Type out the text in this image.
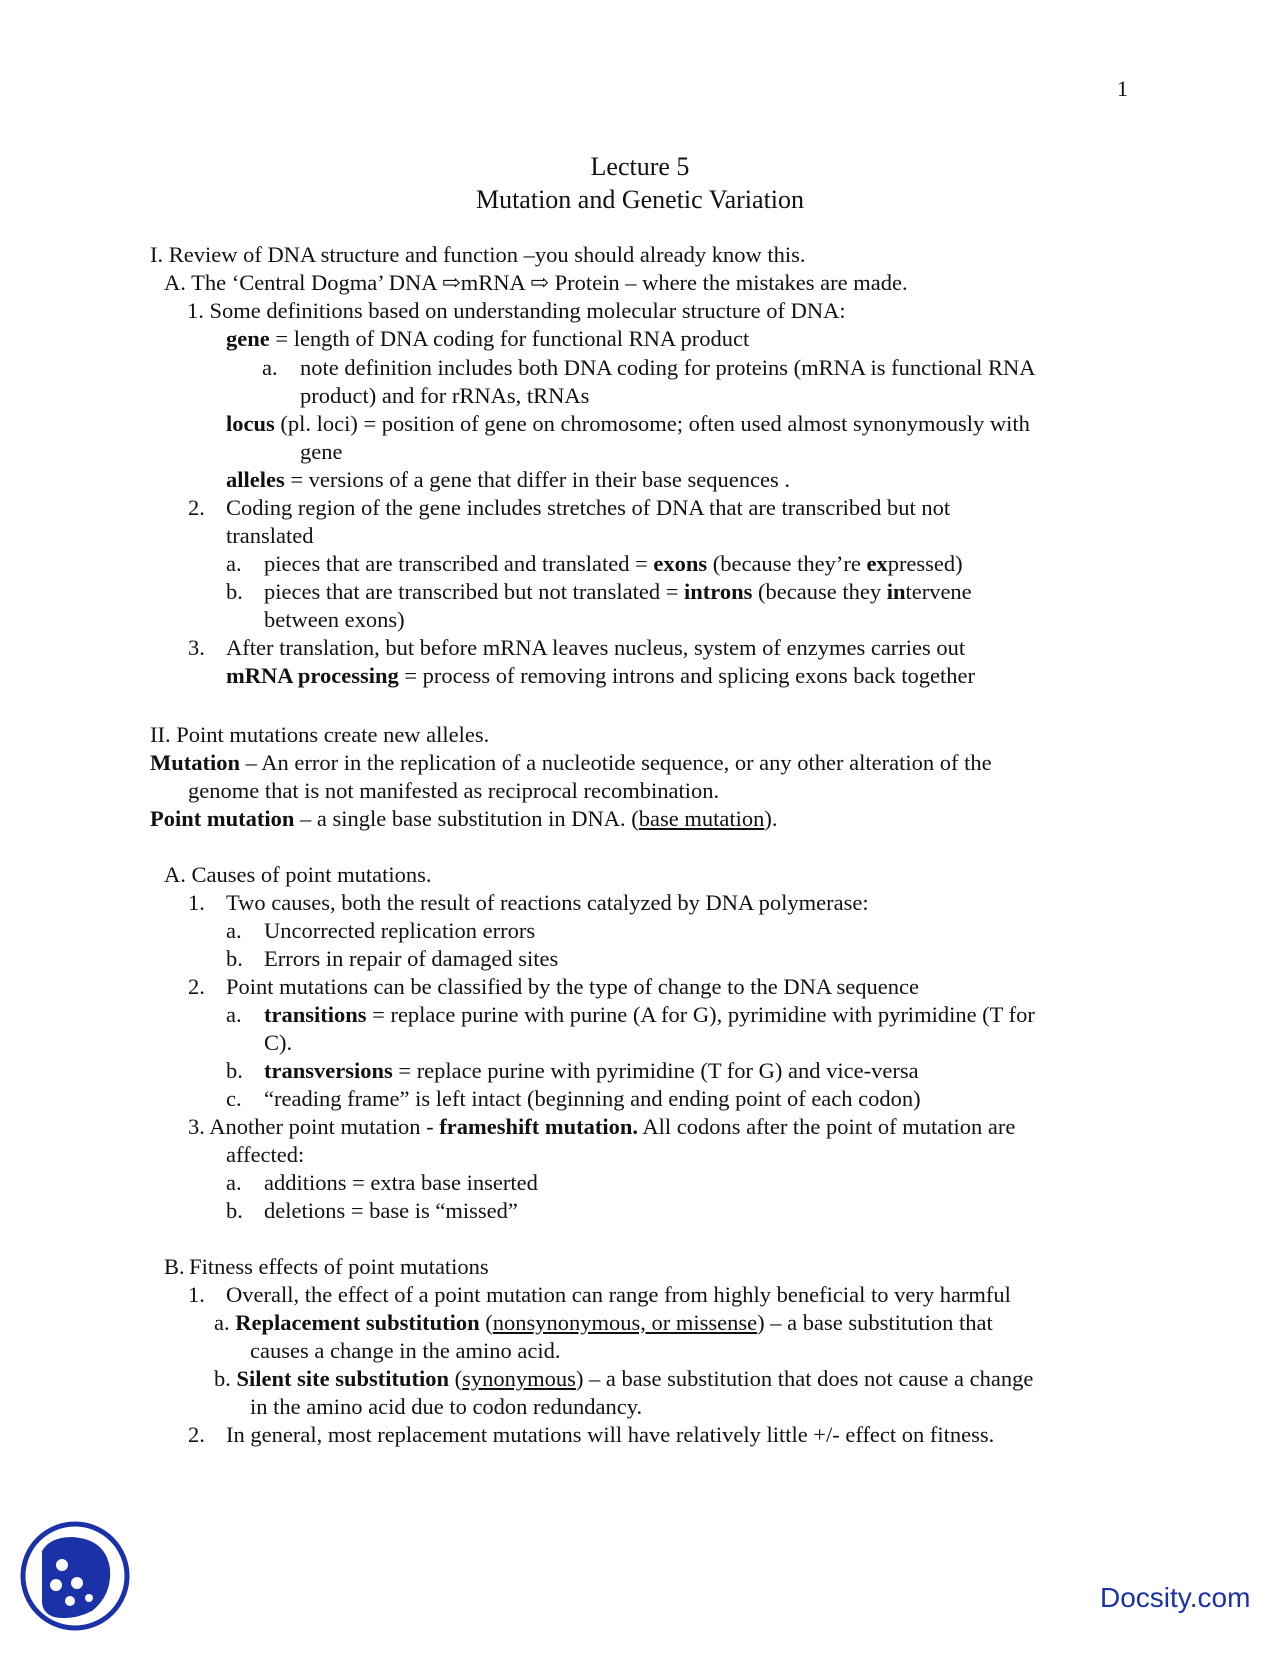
1
Lecture 5
Mutation and Genetic Variation
I. Review of DNA structure and function –you should already know this.
A. The ‘Central Dogma’ DNA ⇨mRNA ⇨ Protein – where the mistakes are made.
1. Some definitions based on understanding molecular structure of DNA:
gene = length of DNA coding for functional RNA product
a. note definition includes both DNA coding for proteins (mRNA is functional RNA
product) and for rRNAs, tRNAs
locus (pl. loci) = position of gene on chromosome; often used almost synonymously with
gene
alleles = versions of a gene that differ in their base sequences .
2. Coding region of the gene includes stretches of DNA that are transcribed but not
translated
a. pieces that are transcribed and translated = exons (because they’re expressed)
b. pieces that are transcribed but not translated = introns (because they intervene
between exons)
3. After translation, but before mRNA leaves nucleus, system of enzymes carries out
mRNA processing = process of removing introns and splicing exons back together
II. Point mutations create new alleles.
Mutation – An error in the replication of a nucleotide sequence, or any other alteration of the
genome that is not manifested as reciprocal recombination.
Point mutation – a single base substitution in DNA. (base mutation).
A. Causes of point mutations.
1. Two causes, both the result of reactions catalyzed by DNA polymerase:
a. Uncorrected replication errors
b. Errors in repair of damaged sites
2. Point mutations can be classified by the type of change to the DNA sequence
a. transitions = replace purine with purine (A for G), pyrimidine with pyrimidine (T for
C).
b. transversions = replace purine with pyrimidine (T for G) and vice-versa
c. “reading frame” is left intact (beginning and ending point of each codon)
3. Another point mutation - frameshift mutation. All codons after the point of mutation are
affected:
a. additions = extra base inserted
b. deletions = base is “missed”
B. Fitness effects of point mutations
1. Overall, the effect of a point mutation can range from highly beneficial to very harmful
a. Replacement substitution (nonsynonymous, or missense) – a base substitution that
causes a change in the amino acid.
b. Silent site substitution (synonymous) – a base substitution that does not cause a change
in the amino acid due to codon redundancy.
2. In general, most replacement mutations will have relatively little +/- effect on fitness.
Docsity.com
